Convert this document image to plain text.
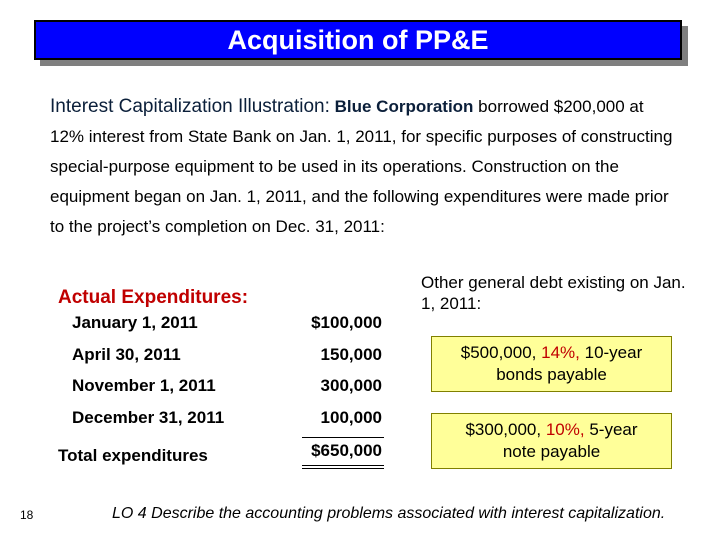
Acquisition of PP&E
Interest Capitalization Illustration: Blue Corporation borrowed $200,000 at 12% interest from State Bank on Jan. 1, 2011, for specific purposes of constructing special-purpose equipment to be used in its operations. Construction on the equipment began on Jan. 1, 2011, and the following expenditures were made prior to the project’s completion on Dec. 31, 2011:
Actual Expenditures:
January 1, 2011	$100,000
April 30, 2011	150,000
November 1, 2011	300,000
December 31, 2011	100,000
Total expenditures	$650,000
Other general debt existing on Jan. 1, 2011:
$500,000, 14%, 10-year
bonds payable
$300,000, 10%, 5-year
note payable
18	LO 4 Describe the accounting problems associated with interest capitalization.
